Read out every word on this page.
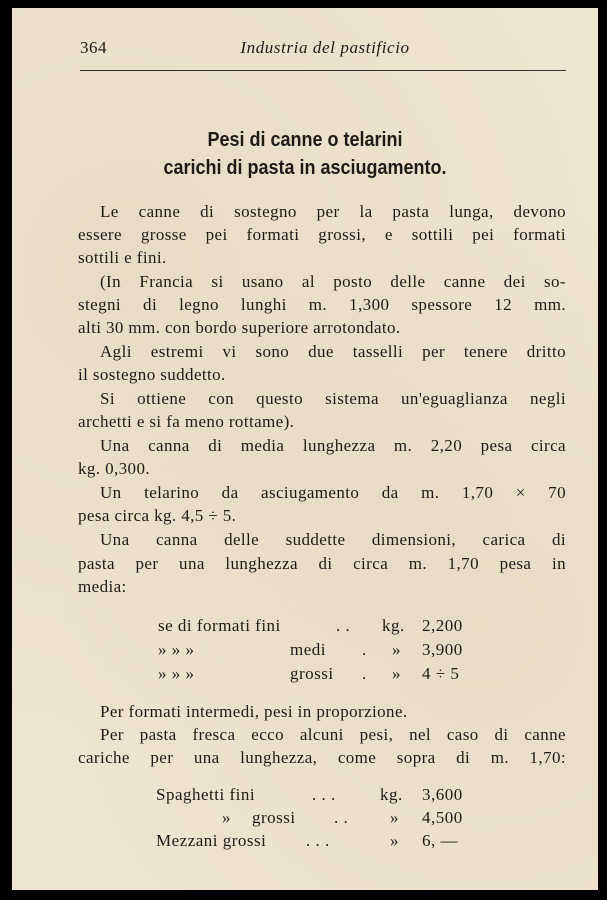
364	Industria del pastificio
Pesi di canne o telarini
carichi di pasta in asciugamento.
Le canne di sostegno per la pasta lunga, devono
essere grosse pei formati grossi, e sottili pei formati
sottili e fini.
(In Francia si usano al posto delle canne dei so-
stegni di legno lunghi m. 1,300 spessore 12 mm.
alti 30 mm. con bordo superiore arrotondato.
Agli estremi vi sono due tasselli per tenere dritto
il sostegno suddetto.
Si ottiene con questo sistema un'eguaglianza negli
archetti e si fa meno rottame).
Una canna di media lunghezza m. 2,20 pesa circa
kg. 0,300.
Un telarino da asciugamento da m. 1,70 × 70
pesa circa kg. 4,5 ÷ 5.
Una canna delle suddette dimensioni, carica di
pasta per una lunghezza di circa m. 1,70 pesa in
media:
se di formati fini	. . kg. 2,200
» » »	medi . » 3,900
» » »	grossi . » 4 ÷ 5
Per formati intermedi, pesi in proporzione.
Per pasta fresca ecco alcuni pesi, nel caso di canne
cariche per una lunghezza, come sopra di m. 1,70:
Spaghetti fini	. . .	kg. 3,600
» grossi . . » 4,500
Mezzani grossi . . .	» 6, —
